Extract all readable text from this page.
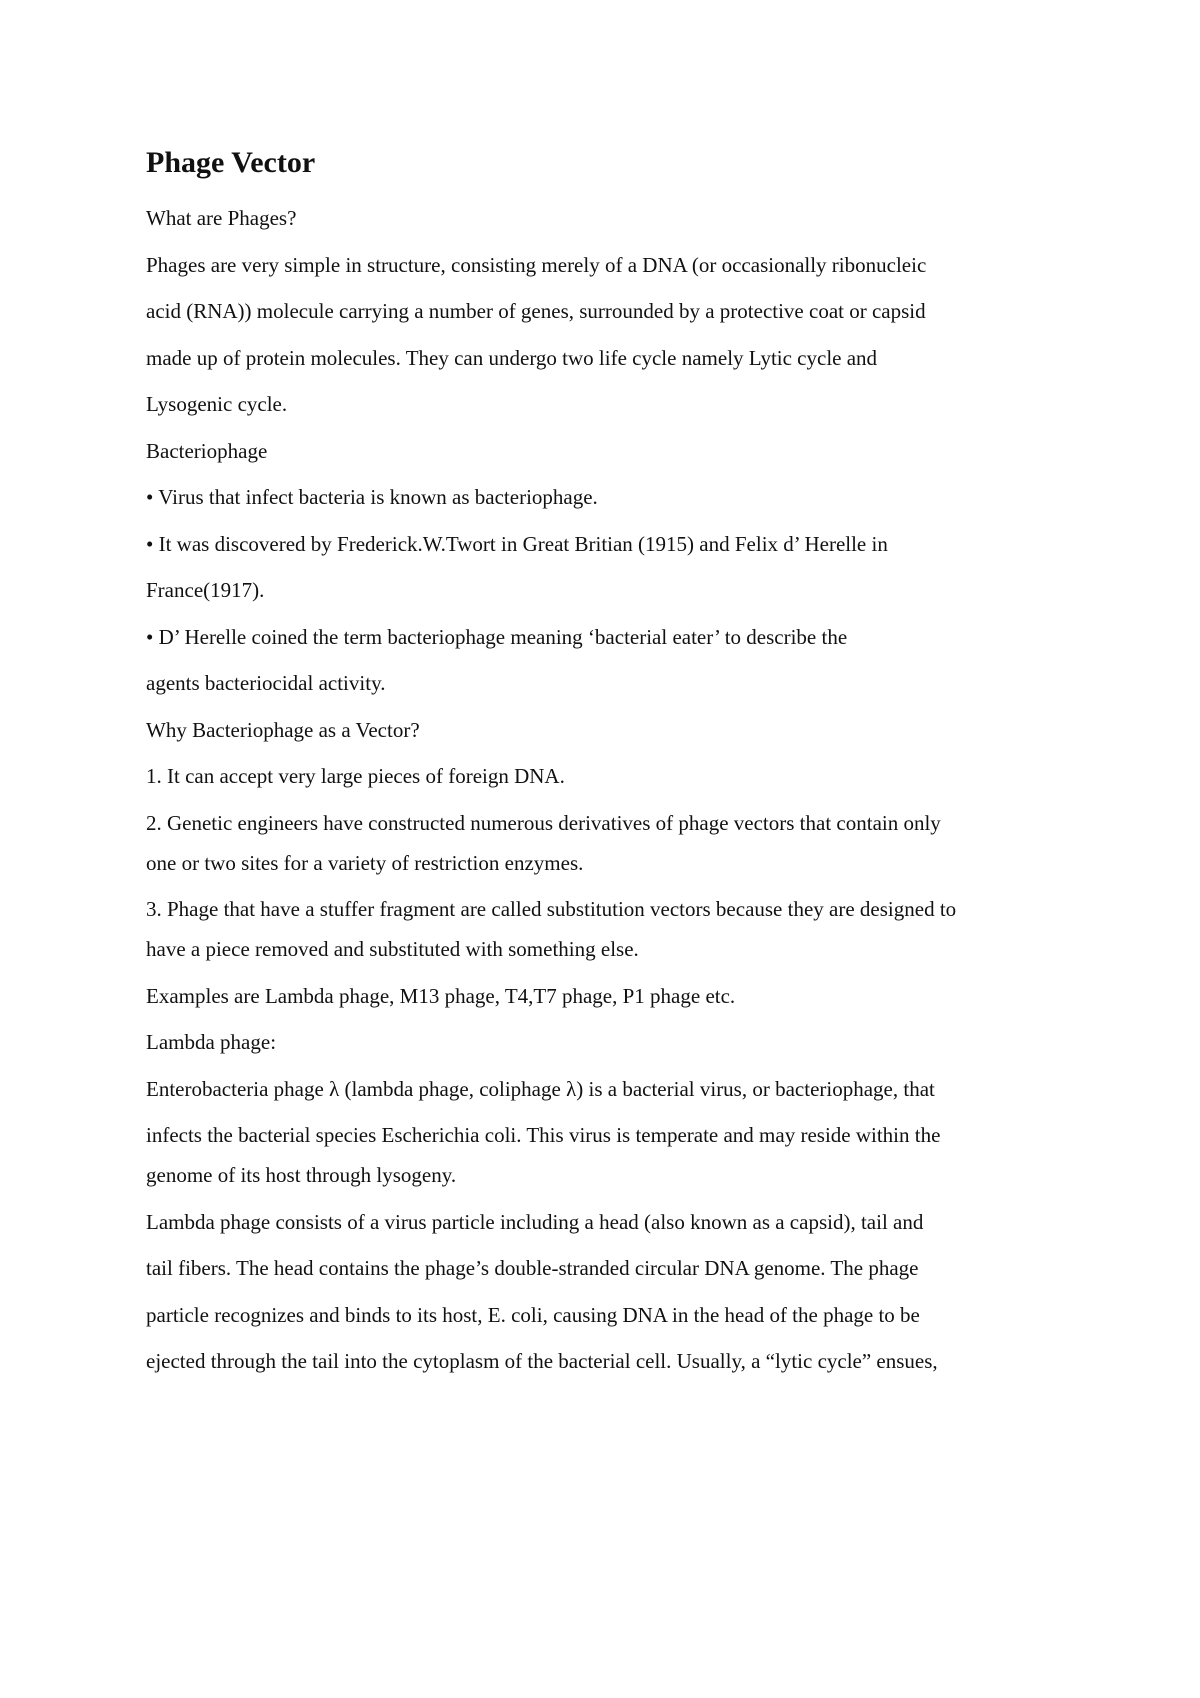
Phage Vector
What are Phages?
Phages are very simple in structure, consisting merely of a DNA (or occasionally ribonucleic
acid (RNA)) molecule carrying a number of genes, surrounded by a protective coat or capsid
made up of protein molecules. They can undergo two life cycle namely Lytic cycle and
Lysogenic cycle.
Bacteriophage
• Virus that infect bacteria is known as bacteriophage.
• It was discovered by Frederick.W.Twort in Great Britian (1915) and Felix d’ Herelle in
France(1917).
• D’ Herelle coined the term bacteriophage meaning ‘bacterial eater’ to describe the
agents bacteriocidal activity.
Why Bacteriophage as a Vector?
1. It can accept very large pieces of foreign DNA.
2. Genetic engineers have constructed numerous derivatives of phage vectors that contain only
one or two sites for a variety of restriction enzymes.
3. Phage that have a stuffer fragment are called substitution vectors because they are designed to
have a piece removed and substituted with something else.
Examples are Lambda phage, M13 phage, T4,T7 phage, P1 phage etc.
Lambda phage:
Enterobacteria phage λ (lambda phage, coliphage λ) is a bacterial virus, or bacteriophage, that
infects the bacterial species Escherichia coli. This virus is temperate and may reside within the
genome of its host through lysogeny.
Lambda phage consists of a virus particle including a head (also known as a capsid), tail and
tail fibers. The head contains the phage’s double-stranded circular DNA genome. The phage
particle recognizes and binds to its host, E. coli, causing DNA in the head of the phage to be
ejected through the tail into the cytoplasm of the bacterial cell. Usually, a “lytic cycle” ensues,
